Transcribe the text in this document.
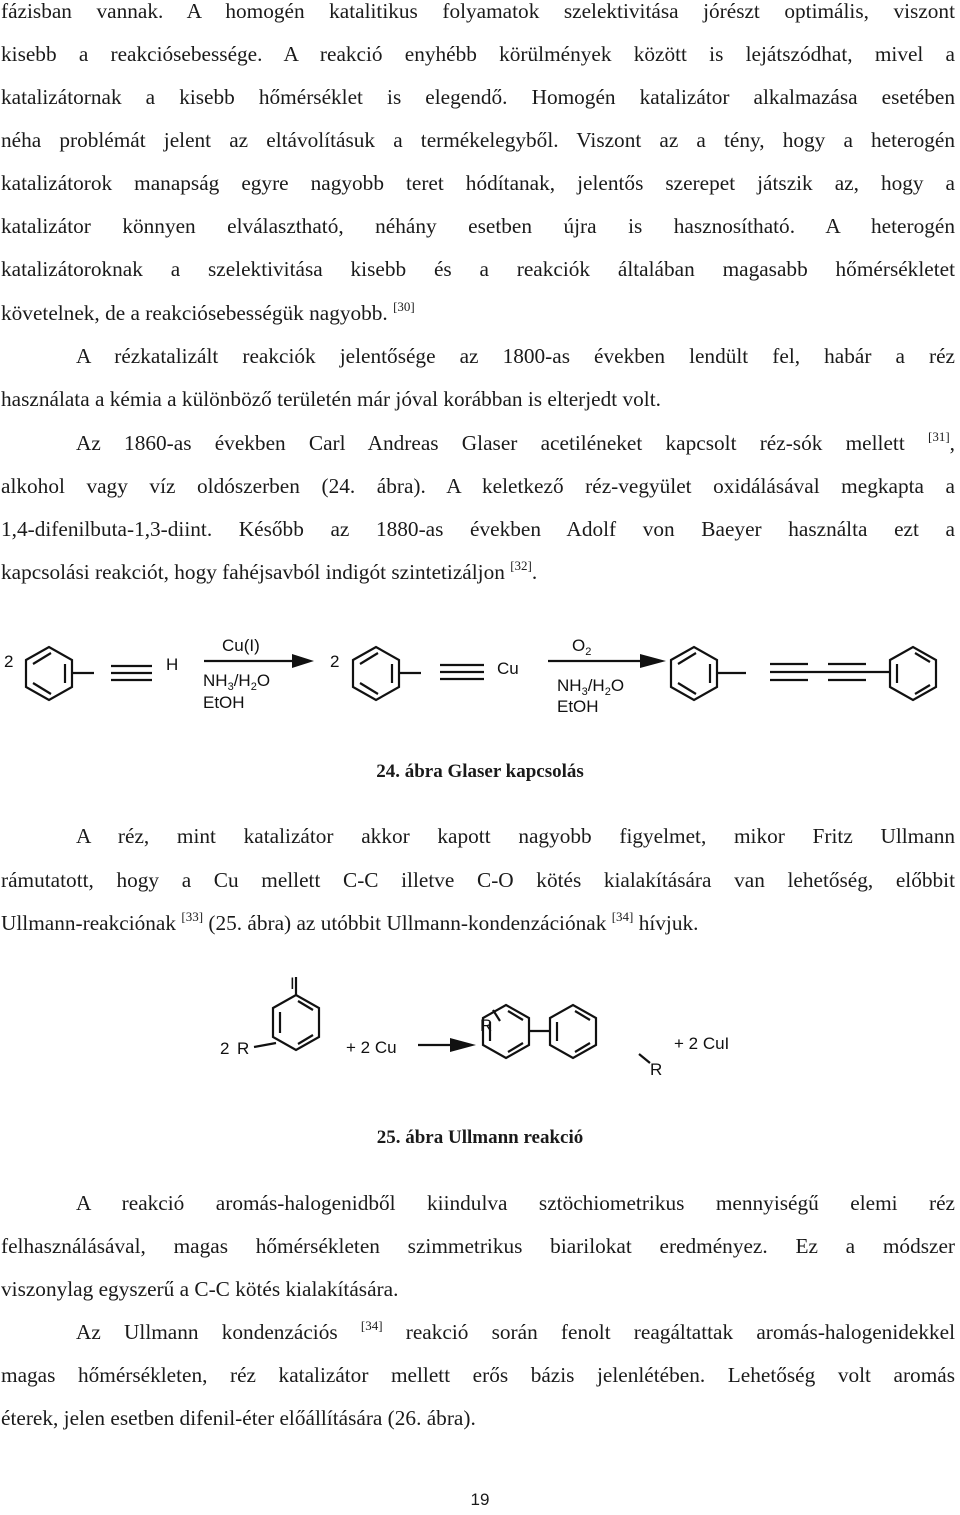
fázisban vannak. A homogén katalitikus folyamatok szelektivitása jórészt optimális, viszont
kisebb a reakciósebessége. A reakció enyhébb körülmények között is lejátszódhat, mivel a
katalizátornak a kisebb hőmérséklet is elegendő. Homogén katalizátor alkalmazása esetében
néha problémát jelent az eltávolításuk a termékelegyből. Viszont az a tény, hogy a heterogén
katalizátorok manapság egyre nagyobb teret hódítanak, jelentős szerepet játszik az, hogy a
katalizátor könnyen elválasztható, néhány esetben újra is hasznosítható. A heterogén
katalizátoroknak a szelektivitása kisebb és a reakciók általában magasabb hőmérsékletet
követelnek, de a reakciósebességük nagyobb. [30]
A rézkatalizált reakciók jelentősége az 1800-as években lendült fel, habár a réz
használata a kémia a különböző területén már jóval korábban is elterjedt volt.
Az 1860-as években Carl Andreas Glaser acetiléneket kapcsolt réz-sók mellett [31],
alkohol vagy víz oldószerben (24. ábra). A keletkező réz-vegyület oxidálásával megkapta a
1,4-difenilbuta-1,3-diint. Később az 1880-as években Adolf von Baeyer használta ezt a
kapcsolási reakciót, hogy fahéjsavból indigót szintetizáljon [32].
2	H
Cu(I)
$NH_3/H_2O$
EtOH
2	Cu
$O_2$
$NH_3/H_2O$
EtOH
24. ábra Glaser kapcsolás
A réz, mint katalizátor akkor kapott nagyobb figyelmet, mikor Fritz Ullmann
rámutatott, hogy a Cu mellett C-C illetve C-O kötés kialakítására van lehetőség, előbbit
Ullmann-reakciónak [33] (25. ábra) az utóbbit Ullmann-kondenzációnak [34] hívjuk.
2 R
I
+ 2 Cu
R
R
+ 2 CuI
25. ábra Ullmann reakció
A reakció aromás-halogenidből kiindulva sztöchiometrikus mennyiségű elemi réz
felhasználásával, magas hőmérsékleten szimmetrikus biarilokat eredményez. Ez a módszer
viszonylag egyszerű a C-C kötés kialakítására.
Az Ullmann kondenzációs [34] reakció során fenolt reagáltattak aromás-halogenidekkel
magas hőmérsékleten, réz katalizátor mellett erős bázis jelenlétében. Lehetőség volt aromás
éterek, jelen esetben difenil-éter előállítására (26. ábra).
19
